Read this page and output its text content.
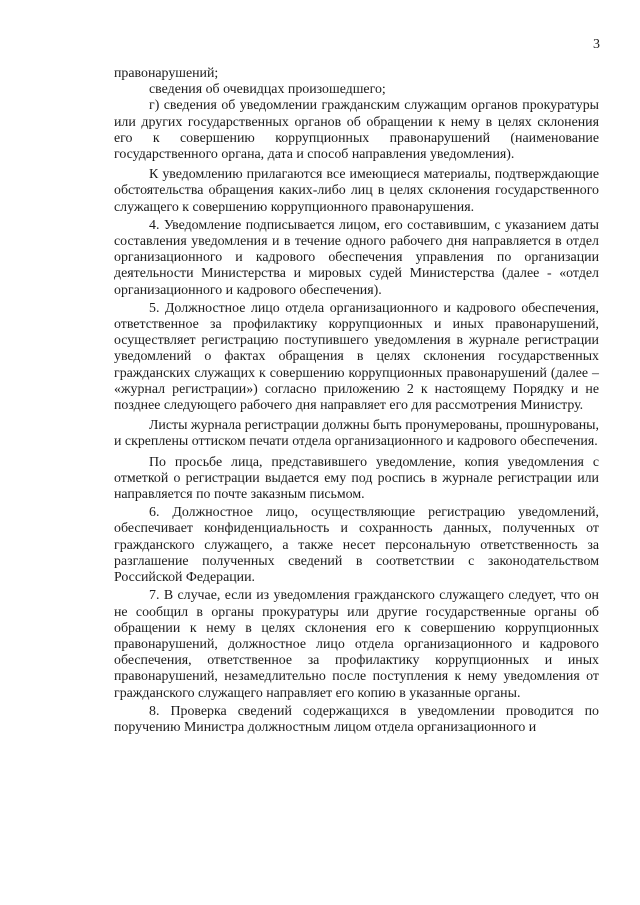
3

правонарушений;

сведения об очевидцах произошедшего;

г) сведения об уведомлении гражданским служащим органов прокуратуры или других государственных органов об обращении к нему в целях склонения его к совершению коррупционных правонарушений (наименование государственного органа, дата и способ направления уведомления).

К уведомлению прилагаются все имеющиеся материалы, подтверждающие обстоятельства обращения каких-либо лиц в целях склонения государственного служащего к совершению коррупционного правонарушения.

4. Уведомление подписывается лицом, его составившим, с указанием даты составления уведомления и в течение одного рабочего дня направляется в отдел организационного и кадрового обеспечения управления по организации деятельности Министерства и мировых судей Министерства (далее - «отдел организационного и кадрового обеспечения).

5. Должностное лицо отдела организационного и кадрового обеспечения, ответственное за профилактику коррупционных и иных правонарушений, осуществляет регистрацию поступившего уведомления в журнале регистрации уведомлений о фактах обращения в целях склонения государственных гражданских служащих к совершению коррупционных правонарушений (далее – «журнал регистрации») согласно приложению 2 к настоящему Порядку и не позднее следующего рабочего дня направляет его для рассмотрения Министру.

Листы журнала регистрации должны быть пронумерованы, прошнурованы, и скреплены оттиском печати отдела организационного и кадрового обеспечения.

По просьбе лица, представившего уведомление, копия уведомления с отметкой о регистрации выдается ему под роспись в журнале регистрации или направляется по почте заказным письмом.

6. Должностное лицо, осуществляющие регистрацию уведомлений, обеспечивает конфиденциальность и сохранность данных, полученных от гражданского служащего, а также несет персональную ответственность за разглашение полученных сведений в соответствии с законодательством Российской Федерации.

7. В случае, если из уведомления гражданского служащего следует, что он не сообщил в органы прокуратуры или другие государственные органы об обращении к нему в целях склонения его к совершению коррупционных правонарушений, должностное лицо отдела организационного и кадрового обеспечения, ответственное за профилактику коррупционных и иных правонарушений, незамедлительно после поступления к нему уведомления от гражданского служащего направляет его копию в указанные органы.

8. Проверка сведений содержащихся в уведомлении проводится по поручению Министра должностным лицом отдела организационного и
